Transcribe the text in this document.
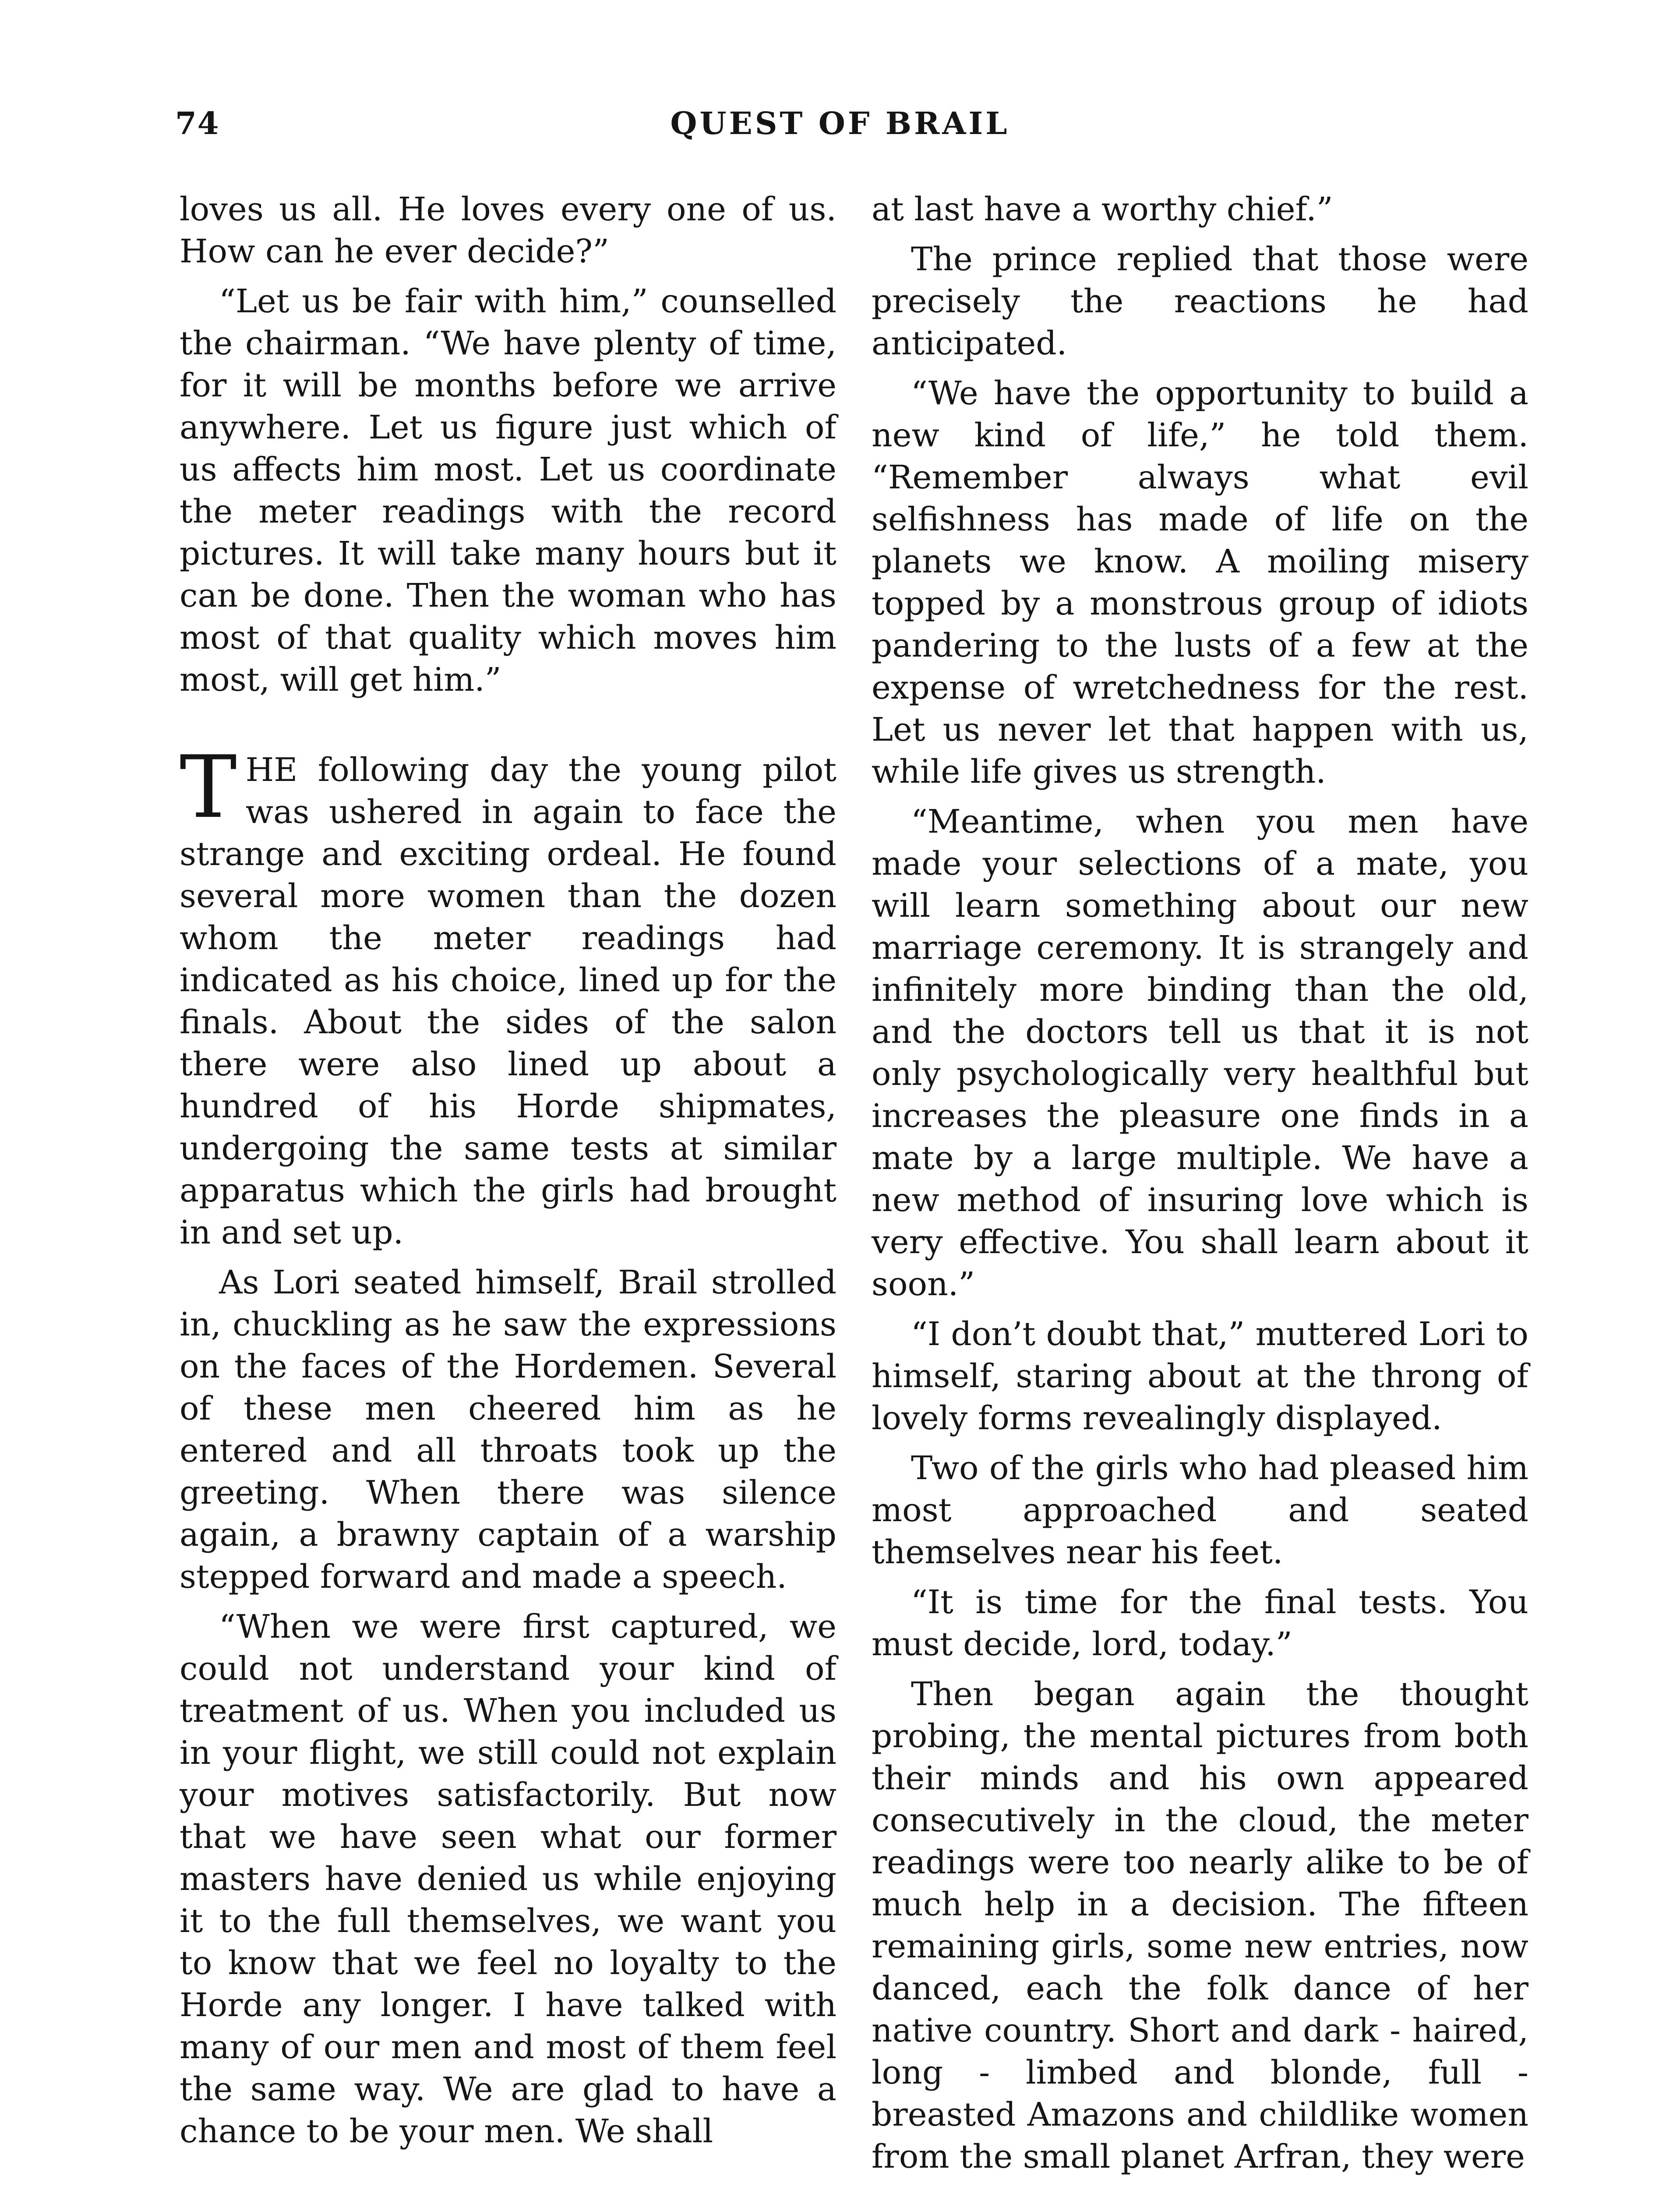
74	QUEST OF BRAIL

loves us all. He loves every one of us. How can he ever decide?”

“Let us be fair with him,” counselled the chairman. “We have plenty of time, for it will be months before we arrive anywhere. Let us figure just which of us affects him most. Let us coordinate the meter readings with the record pictures. It will take many hours but it can be done. Then the woman who has most of that quality which moves him most, will get him.”

THE following day the young pilot was ushered in again to face the strange and exciting ordeal. He found several more women than the dozen whom the meter readings had indicated as his choice, lined up for the finals. About the sides of the salon there were also lined up about a hundred of his Horde shipmates, undergoing the same tests at similar apparatus which the girls had brought in and set up.

As Lori seated himself, Brail strolled in, chuckling as he saw the expressions on the faces of the Hordemen. Several of these men cheered him as he entered and all throats took up the greeting. When there was silence again, a brawny captain of a warship stepped forward and made a speech.

“When we were first captured, we could not understand your kind of treatment of us. When you included us in your flight, we still could not explain your motives satisfactorily. But now that we have seen what our former masters have denied us while enjoying it to the full themselves, we want you to know that we feel no loyalty to the Horde any longer. I have talked with many of our men and most of them feel the same way. We are glad to have a chance to be your men. We shall

at last have a worthy chief.”

The prince replied that those were precisely the reactions he had anticipated.

“We have the opportunity to build a new kind of life,” he told them. “Remember always what evil selfishness has made of life on the planets we know. A moiling misery topped by a monstrous group of idiots pandering to the lusts of a few at the expense of wretchedness for the rest. Let us never let that happen with us, while life gives us strength.

“Meantime, when you men have made your selections of a mate, you will learn something about our new marriage ceremony. It is strangely and infinitely more binding than the old, and the doctors tell us that it is not only psychologically very healthful but increases the pleasure one finds in a mate by a large multiple. We have a new method of insuring love which is very effective. You shall learn about it soon.”

“I don’t doubt that,” muttered Lori to himself, staring about at the throng of lovely forms revealingly displayed.

Two of the girls who had pleased him most approached and seated themselves near his feet.

“It is time for the final tests. You must decide, lord, today.”

Then began again the thought probing, the mental pictures from both their minds and his own appeared consecutively in the cloud, the meter readings were too nearly alike to be of much help in a decision. The fifteen remaining girls, some new entries, now danced, each the folk dance of her native country. Short and dark - haired, long - limbed and blonde, full - breasted Amazons and childlike women from the small planet Arfran, they were
